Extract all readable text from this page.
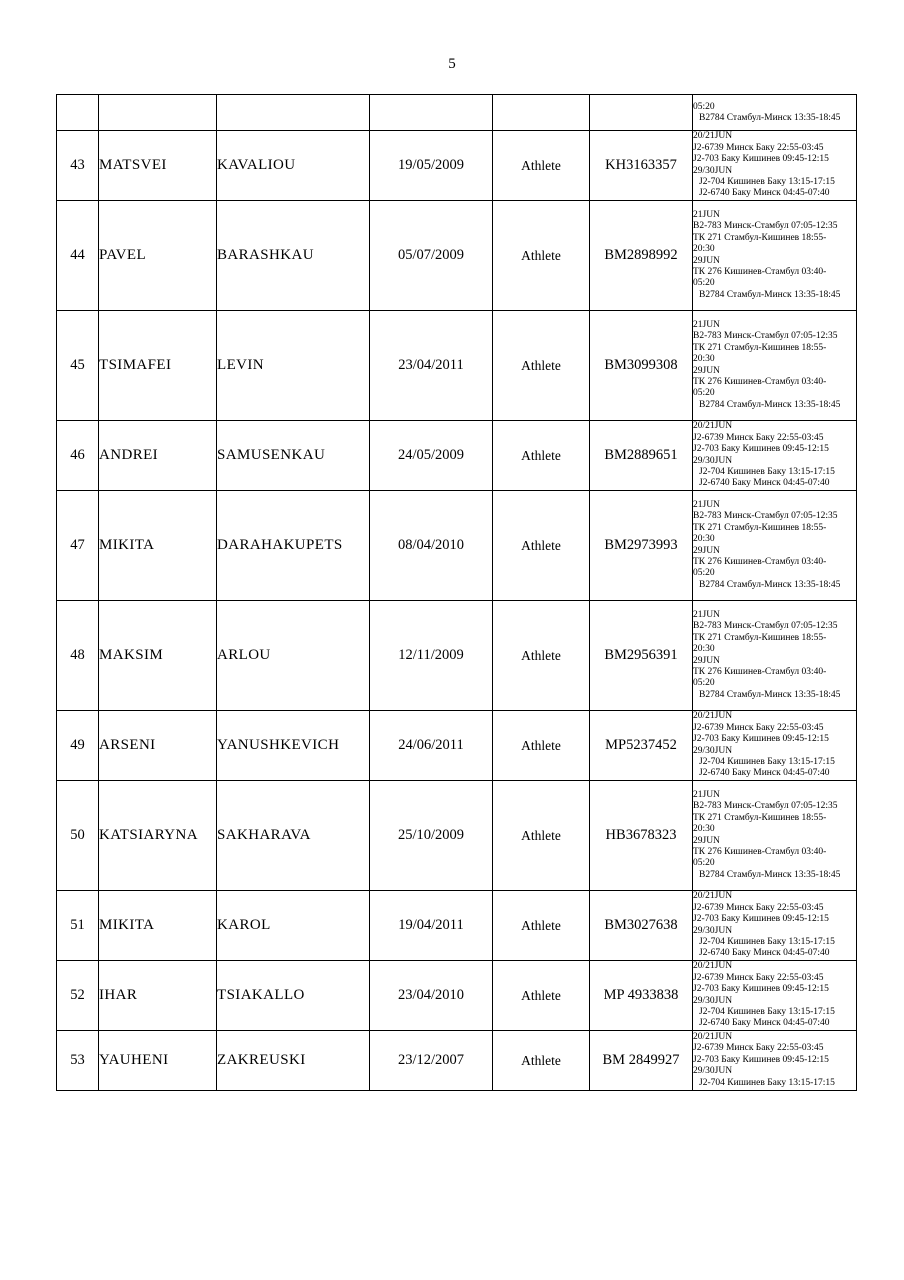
5

						05:20
B2784 Стамбул-Минск 13:35-18:45

43	MATSVEI	KAVALIOU	19/05/2009	Athlete	KH3163357	
20/21JUN
J2-6739 Минск Баку 22:55-03:45
J2-703 Баку Кишинев 09:45-12:15
29/30JUN
J2-704 Кишинев Баку 13:15-17:15
J2-6740 Баку Минск 04:45-07:40

44	PAVEL	BARASHKAU	05/07/2009	Athlete	BM2898992	
21JUN
B2-783 Минск-Стамбул 07:05-12:35
ТК 271 Стамбул-Кишинев 18:55-
20:30
29JUN
ТК 276 Кишинев-Стамбул 03:40-
05:20
B2784 Стамбул-Минск 13:35-18:45

45	TSIMAFEI	LEVIN	23/04/2011	Athlete	BM3099308	
21JUN
B2-783 Минск-Стамбул 07:05-12:35
ТК 271 Стамбул-Кишинев 18:55-
20:30
29JUN
ТК 276 Кишинев-Стамбул 03:40-
05:20
B2784 Стамбул-Минск 13:35-18:45

46	ANDREI	SAMUSENKAU	24/05/2009	Athlete	BM2889651	
20/21JUN
J2-6739 Минск Баку 22:55-03:45
J2-703 Баку Кишинев 09:45-12:15
29/30JUN
J2-704 Кишинев Баку 13:15-17:15
J2-6740 Баку Минск 04:45-07:40

47	MIKITA	DARAHAKUPETS	08/04/2010	Athlete	BM2973993	
21JUN
B2-783 Минск-Стамбул 07:05-12:35
ТК 271 Стамбул-Кишинев 18:55-
20:30
29JUN
ТК 276 Кишинев-Стамбул 03:40-
05:20
B2784 Стамбул-Минск 13:35-18:45

48	MAKSIM	ARLOU	12/11/2009	Athlete	BM2956391	
21JUN
B2-783 Минск-Стамбул 07:05-12:35
ТК 271 Стамбул-Кишинев 18:55-
20:30
29JUN
ТК 276 Кишинев-Стамбул 03:40-
05:20
B2784 Стамбул-Минск 13:35-18:45

49	ARSENI	YANUSHKEVICH	24/06/2011	Athlete	MP5237452	
20/21JUN
J2-6739 Минск Баку 22:55-03:45
J2-703 Баку Кишинев 09:45-12:15
29/30JUN
J2-704 Кишинев Баку 13:15-17:15
J2-6740 Баку Минск 04:45-07:40

50	KATSIARYNA	SAKHARAVA	25/10/2009	Athlete	HB3678323	
21JUN
B2-783 Минск-Стамбул 07:05-12:35
ТК 271 Стамбул-Кишинев 18:55-
20:30
29JUN
ТК 276 Кишинев-Стамбул 03:40-
05:20
B2784 Стамбул-Минск 13:35-18:45

51	MIKITA	KAROL	19/04/2011	Athlete	BM3027638	
20/21JUN
J2-6739 Минск Баку 22:55-03:45
J2-703 Баку Кишинев 09:45-12:15
29/30JUN
J2-704 Кишинев Баку 13:15-17:15
J2-6740 Баку Минск 04:45-07:40

52	IHAR	TSIAKALLO	23/04/2010	Athlete	MP 4933838	
20/21JUN
J2-6739 Минск Баку 22:55-03:45
J2-703 Баку Кишинев 09:45-12:15
29/30JUN
J2-704 Кишинев Баку 13:15-17:15
J2-6740 Баку Минск 04:45-07:40

53	YAUHENI	ZAKREUSKI	23/12/2007	Athlete	BM 2849927	20/21JUN
J2-6739 Минск Баку 22:55-03:45
J2-703 Баку Кишинев 09:45-12:15
29/30JUN
J2-704 Кишинев Баку 13:15-17:15
